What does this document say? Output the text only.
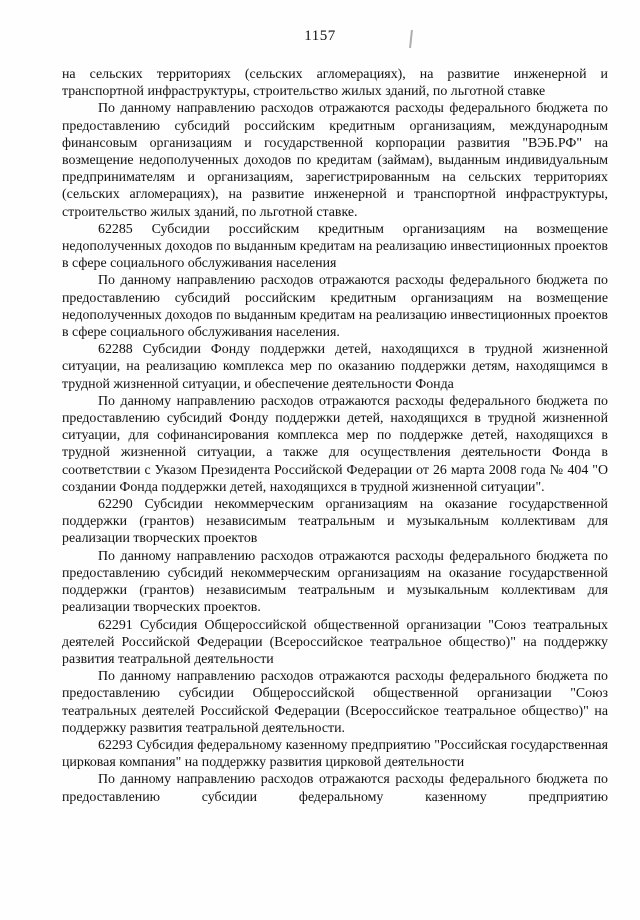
1157

на сельских территориях (сельских агломерациях), на развитие инженерной и транспортной инфраструктуры, строительство жилых зданий, по льготной ставке

По данному направлению расходов отражаются расходы федерального бюджета по предоставлению субсидий российским кредитным организациям, международным финансовым организациям и государственной корпорации развития "ВЭБ.РФ" на возмещение недополученных доходов по кредитам (займам), выданным индивидуальным предпринимателям и организациям, зарегистрированным на сельских территориях (сельских агломерациях), на развитие инженерной и транспортной инфраструктуры, строительство жилых зданий, по льготной ставке.

62285 Субсидии российским кредитным организациям на возмещение недополученных доходов по выданным кредитам на реализацию инвестиционных проектов в сфере социального обслуживания населения

По данному направлению расходов отражаются расходы федерального бюджета по предоставлению субсидий российским кредитным организациям на возмещение недополученных доходов по выданным кредитам на реализацию инвестиционных проектов в сфере социального обслуживания населения.

62288 Субсидии Фонду поддержки детей, находящихся в трудной жизненной ситуации, на реализацию комплекса мер по оказанию поддержки детям, находящимся в трудной жизненной ситуации, и обеспечение деятельности Фонда

По данному направлению расходов отражаются расходы федерального бюджета по предоставлению субсидий Фонду поддержки детей, находящихся в трудной жизненной ситуации, для софинансирования комплекса мер по поддержке детей, находящихся в трудной жизненной ситуации, а также для осуществления деятельности Фонда в соответствии с Указом Президента Российской Федерации от 26 марта 2008 года № 404 "О создании Фонда поддержки детей, находящихся в трудной жизненной ситуации".

62290 Субсидии некоммерческим организациям на оказание государственной поддержки (грантов) независимым театральным и музыкальным коллективам для реализации творческих проектов

По данному направлению расходов отражаются расходы федерального бюджета по предоставлению субсидий некоммерческим организациям на оказание государственной поддержки (грантов) независимым театральным и музыкальным коллективам для реализации творческих проектов.

62291 Субсидия Общероссийской общественной организации "Союз театральных деятелей Российской Федерации (Всероссийское театральное общество)" на поддержку развития театральной деятельности

По данному направлению расходов отражаются расходы федерального бюджета по предоставлению субсидии Общероссийской общественной организации "Союз театральных деятелей Российской Федерации (Всероссийское театральное общество)" на поддержку развития театральной деятельности.

62293 Субсидия федеральному казенному предприятию "Российская государственная цирковая компания" на поддержку развития цирковой деятельности

По данному направлению расходов отражаются расходы федерального бюджета по предоставлению субсидии федеральному казенному предприятию
